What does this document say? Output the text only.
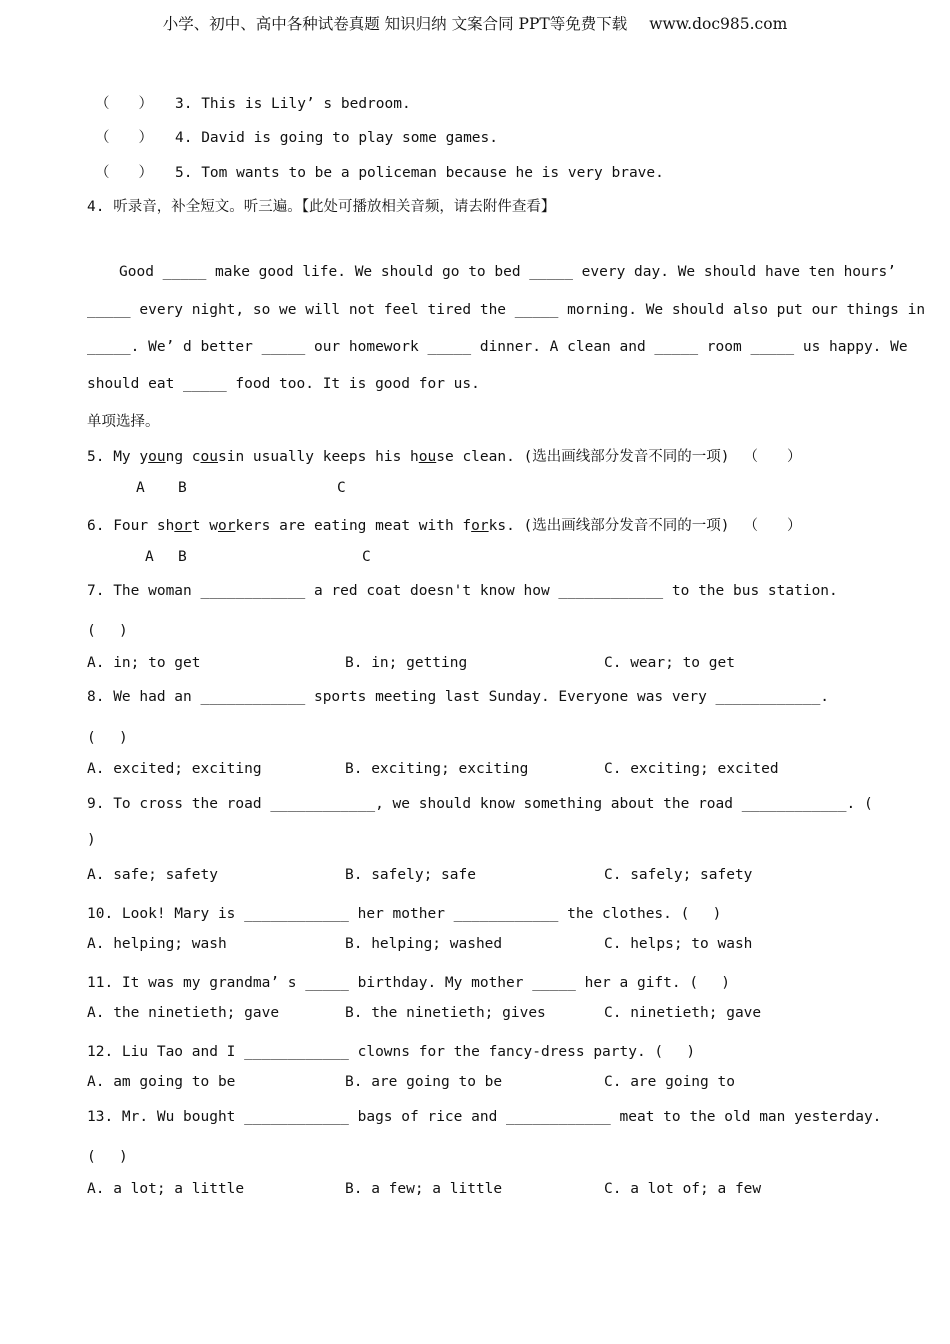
小学、初中、高中各种试卷真题 知识归纳 文案合同 PPT等免费下载 www.doc985.com
（　　） 3. This is Lily’ s bedroom.
（　　） 4. David is going to play some games.
（　　） 5. Tom wants to be a policeman because he is very brave.
4. 听录音，补全短文。听三遍。【此处可播放相关音频，请去附件查看】
Good _____ make good life. We should go to bed _____ every day. We should have ten hours’
_____ every night, so we will not feel tired the _____ morning. We should also put our things in
_____. We’ d better _____ our homework _____ dinner. A clean and _____ room _____ us happy. We
should eat _____ food too. It is good for us.
单项选择。
5. My young cousin usually keeps his house clean. (选出画线部分发音不同的一项) （　　）
A B	C
6. Four short workers are eating meat with forks. (选出画线部分发音不同的一项) （　　）
A B	C
7. The woman ____________ a red coat doesn't know how ____________ to the bus station.
(　 )
A. in; to get	B. in; getting	C. wear; to get
8. We had an ____________ sports meeting last Sunday. Everyone was very ____________.
(　 )
A. excited; exciting	B. exciting; exciting	C. exciting; excited
9. To cross the road ____________, we should know something about the road ____________. (
)
A. safe; safety	B. safely; safe	C. safely; safety
10. Look! Mary is ____________ her mother ____________ the clothes. (　 )
A. helping; wash	B. helping; washed	C. helps; to wash
11. It was my grandma’ s _____ birthday. My mother _____ her a gift. (　 )
A. the ninetieth; gave	B. the ninetieth; gives	C. ninetieth; gave
12. Liu Tao and I ____________ clowns for the fancy-dress party. (　 )
A. am going to be	B. are going to be	C. are going to
13. Mr. Wu bought ____________ bags of rice and ____________ meat to the old man yesterday.
(　 )
A. a lot; a little	B. a few; a little	C. a lot of; a few
